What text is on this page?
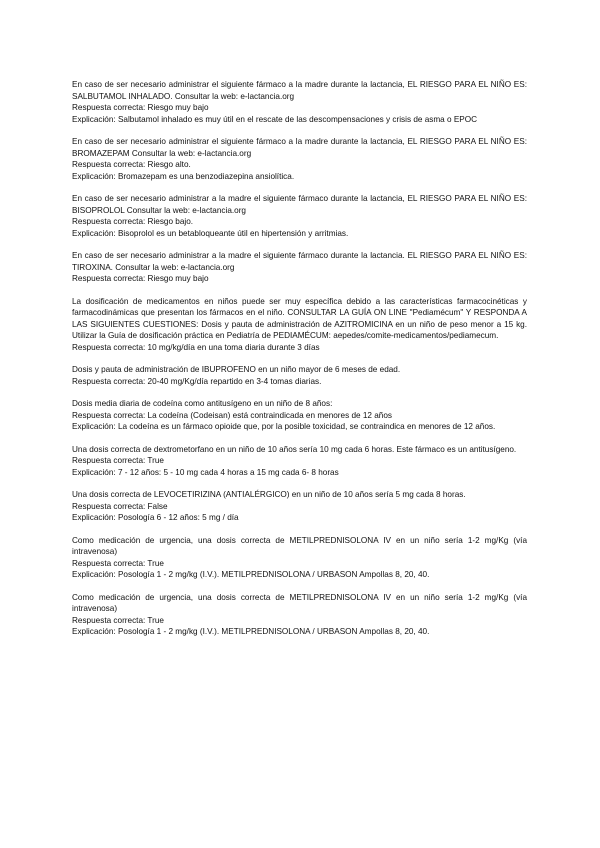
En caso de ser necesario administrar el siguiente fármaco a la madre durante la lactancia, EL RIESGO PARA EL NIÑO ES: SALBUTAMOL INHALADO. Consultar la web: e-lactancia.org

Respuesta correcta: Riesgo muy bajo

Explicación: Salbutamol inhalado es muy útil en el rescate de las descompensaciones y crisis de asma o EPOC

En caso de ser necesario administrar el siguiente fármaco a la madre durante la lactancia, EL RIESGO PARA EL NIÑO ES: BROMAZEPAM Consultar la web: e-lactancia.org

Respuesta correcta: Riesgo alto.

Explicación: Bromazepam es una benzodiazepina ansiolítica.

En caso de ser necesario administrar a la madre el siguiente fármaco durante la lactancia, EL RIESGO PARA EL NIÑO ES: BISOPROLOL Consultar la web: e-lactancia.org

Respuesta correcta: Riesgo bajo.

Explicación: Bisoprolol es un betabloqueante útil en hipertensión y arritmias.

En caso de ser necesario administrar a la madre el siguiente fármaco durante la lactancia. EL RIESGO PARA EL NIÑO ES: TIROXINA. Consultar la web: e-lactancia.org

Respuesta correcta: Riesgo muy bajo

La dosificación de medicamentos en niños puede ser muy específica debido a las características farmacocinéticas y farmacodinámicas que presentan los fármacos en el niño. CONSULTAR LA GUÍA ON LINE "Pediamécum" Y RESPONDA A LAS SIGUIENTES CUESTIONES: Dosis y pauta de administración de AZITROMICINA en un niño de peso menor a 15 kg. Utilizar la Guía de dosificación práctica en Pediatría de PEDIAMÉCUM: aepedes/comite-medicamentos/pediamecum.

Respuesta correcta: 10 mg/kg/día en una toma diaria durante 3 días

Dosis y pauta de administración de IBUPROFENO en un niño mayor de 6 meses de edad.

Respuesta correcta: 20-40 mg/Kg/día repartido en 3-4 tomas diarias.

Dosis media diaria de codeína como antitusígeno en un niño de 8 años:

Respuesta correcta: La codeína (Codeisan) está contraindicada en menores de 12 años

Explicación: La codeína es un fármaco opioide que, por la posible toxicidad, se contraindica en menores de 12 años.

Una dosis correcta de dextrometorfano en un niño de 10 años sería 10 mg cada 6 horas. Este fármaco es un antitusígeno.

Respuesta correcta: True

Explicación: 7 - 12 años: 5 - 10 mg cada 4 horas a 15 mg cada 6- 8 horas

Una dosis correcta de LEVOCETIRIZINA (ANTIALÉRGICO) en un niño de 10 años sería 5 mg cada 8 horas.

Respuesta correcta: False

Explicación: Posología 6 - 12 años: 5 mg / día

Como medicación de urgencia, una dosis correcta de METILPREDNISOLONA IV en un niño sería 1-2 mg/Kg (vía intravenosa)

Respuesta correcta: True

Explicación: Posología 1 - 2 mg/kg (I.V.). METILPREDNISOLONA / URBASON Ampollas 8, 20, 40.

Como medicación de urgencia, una dosis correcta de METILPREDNISOLONA IV en un niño sería 1-2 mg/Kg (vía intravenosa)

Respuesta correcta: True

Explicación: Posología 1 - 2 mg/kg (I.V.). METILPREDNISOLONA / URBASON Ampollas 8, 20, 40.
